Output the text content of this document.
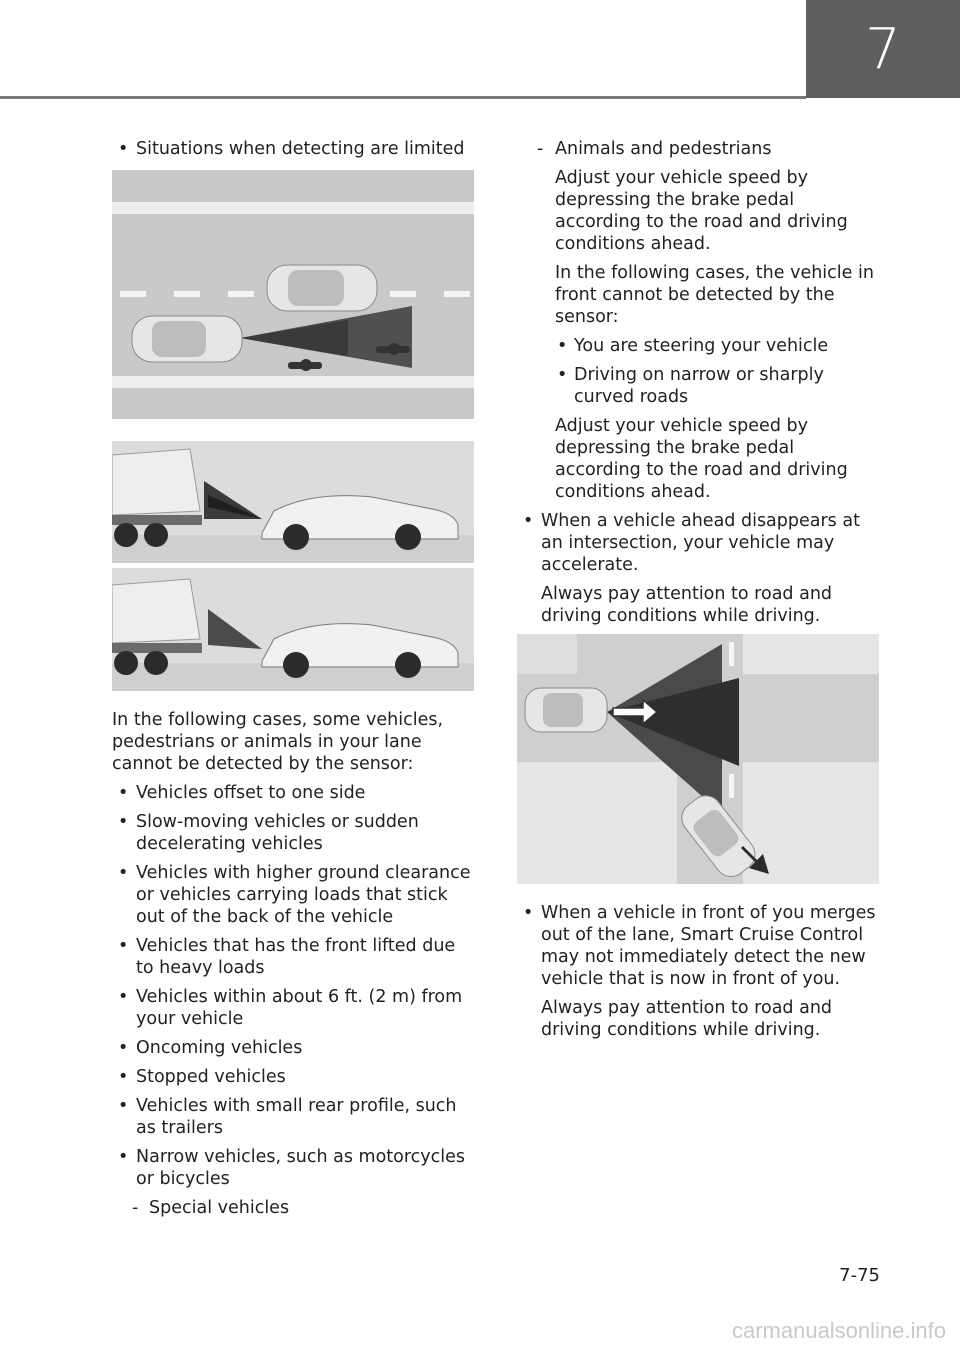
7
• Situations when detecting are limited
In the following cases, some vehicles, pedestrians or animals in your lane cannot be detected by the sensor:
• Vehicles offset to one side
• Slow-moving vehicles or sudden decelerating vehicles
• Vehicles with higher ground clearance or vehicles carrying loads that stick out of the back of the vehicle
• Vehicles that has the front lifted due to heavy loads
• Vehicles within about 6 ft. (2 m) from your vehicle
• Oncoming vehicles
• Stopped vehicles
• Vehicles with small rear profile, such as trailers
• Narrow vehicles, such as motorcycles or bicycles
- Special vehicles
- Animals and pedestrians
Adjust your vehicle speed by depressing the brake pedal according to the road and driving conditions ahead.
In the following cases, the vehicle in front cannot be detected by the sensor:
• You are steering your vehicle
• Driving on narrow or sharply curved roads
Adjust your vehicle speed by depressing the brake pedal according to the road and driving conditions ahead.
• When a vehicle ahead disappears at an intersection, your vehicle may accelerate.
Always pay attention to road and driving conditions while driving.
• When a vehicle in front of you merges out of the lane, Smart Cruise Control may not immediately detect the new vehicle that is now in front of you.
Always pay attention to road and driving conditions while driving.
7-75
carmanualsonline.info
